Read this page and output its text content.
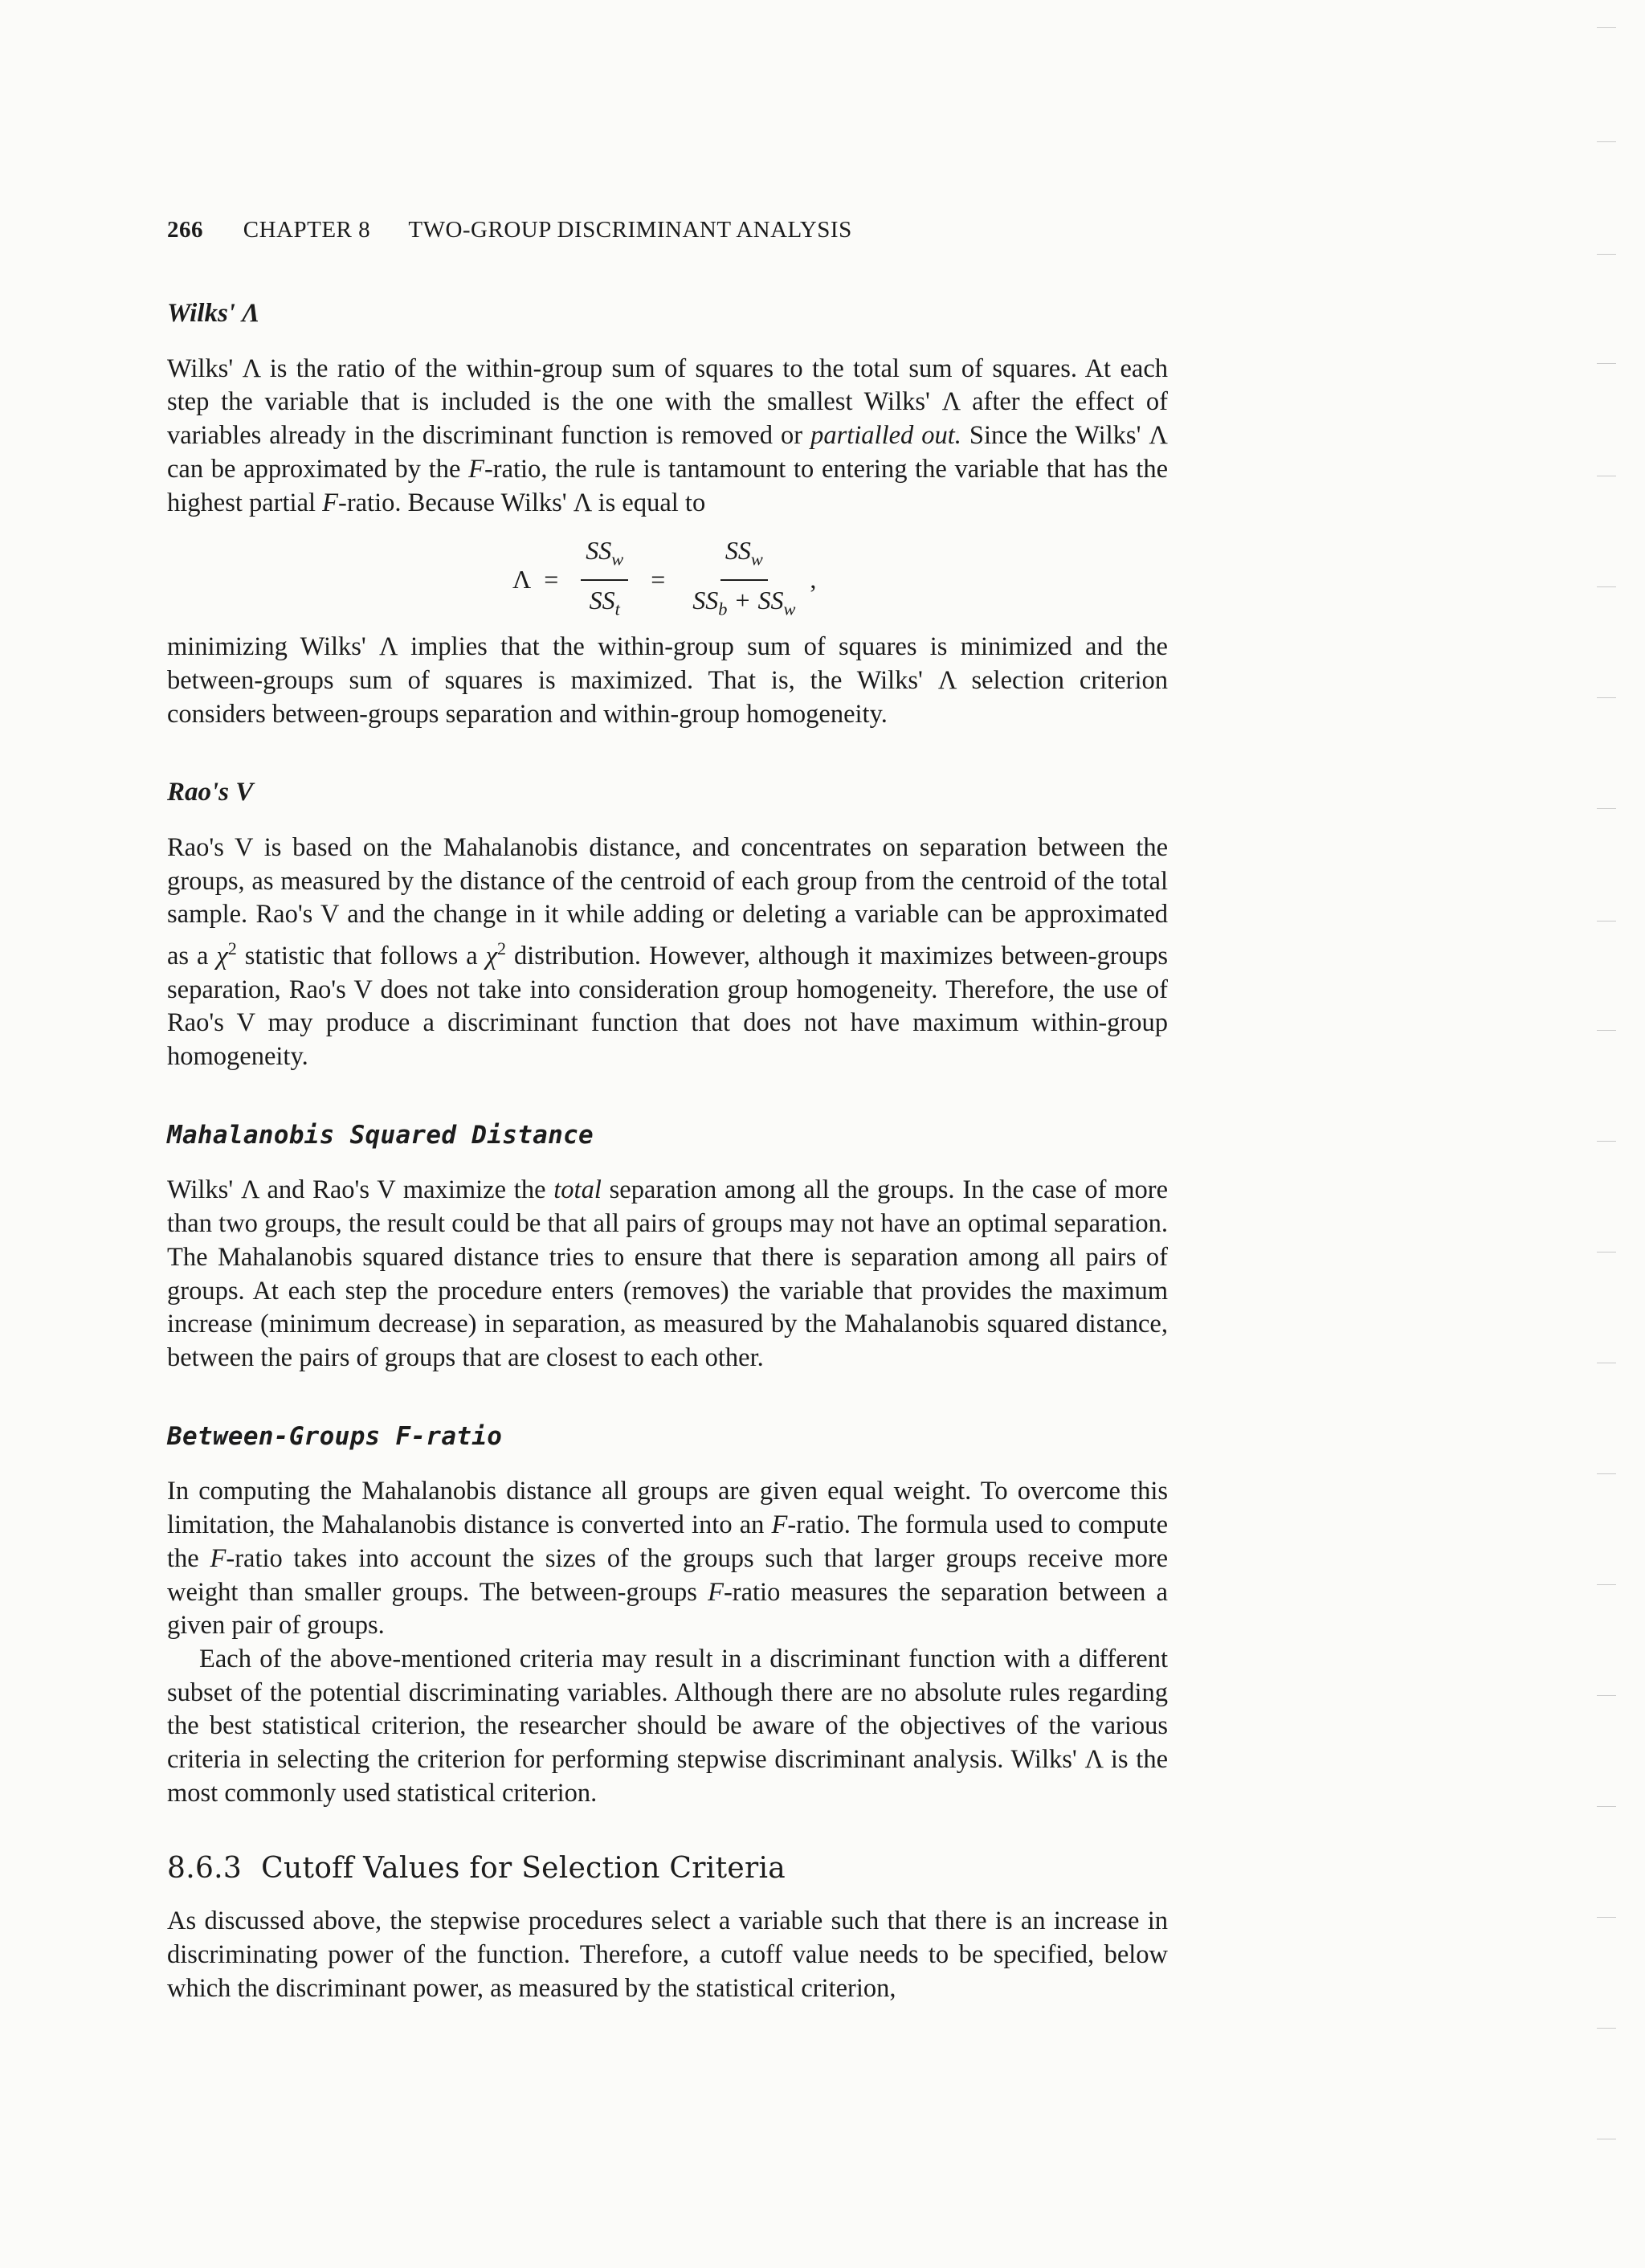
266 CHAPTER 8 TWO-GROUP DISCRIMINANT ANALYSIS
Wilks' Λ

Wilks' Λ is the ratio of the within-group sum of squares to the total sum of squares. At each step the variable that is included is the one with the smallest Wilks' Λ after the effect of variables already in the discriminant function is removed or partialled out. Since the Wilks' Λ can be approximated by the F-ratio, the rule is tantamount to entering the variable that has the highest partial F-ratio. Because Wilks' Λ is equal to

$\Lambda = \frac{SS_w}{SS_t} = \frac{SS_w}{SS_b + SS_w}$ ,

minimizing Wilks' Λ implies that the within-group sum of squares is minimized and the between-groups sum of squares is maximized. That is, the Wilks' Λ selection criterion considers between-groups separation and within-group homogeneity.

Rao's V

Rao's V is based on the Mahalanobis distance, and concentrates on separation between the groups, as measured by the distance of the centroid of each group from the centroid of the total sample. Rao's V and the change in it while adding or deleting a variable can be approximated as a $\chi^2$ statistic that follows a $\chi^2$ distribution. However, although it maximizes between-groups separation, Rao's V does not take into consideration group homogeneity. Therefore, the use of Rao's V may produce a discriminant function that does not have maximum within-group homogeneity.

Mahalanobis Squared Distance

Wilks' Λ and Rao's V maximize the total separation among all the groups. In the case of more than two groups, the result could be that all pairs of groups may not have an optimal separation. The Mahalanobis squared distance tries to ensure that there is separation among all pairs of groups. At each step the procedure enters (removes) the variable that provides the maximum increase (minimum decrease) in separation, as measured by the Mahalanobis squared distance, between the pairs of groups that are closest to each other.

Between-Groups F-ratio

In computing the Mahalanobis distance all groups are given equal weight. To overcome this limitation, the Mahalanobis distance is converted into an F-ratio. The formula used to compute the F-ratio takes into account the sizes of the groups such that larger groups receive more weight than smaller groups. The between-groups F-ratio measures the separation between a given pair of groups.

Each of the above-mentioned criteria may result in a discriminant function with a different subset of the potential discriminating variables. Although there are no absolute rules regarding the best statistical criterion, the researcher should be aware of the objectives of the various criteria in selecting the criterion for performing stepwise discriminant analysis. Wilks' Λ is the most commonly used statistical criterion.

8.6.3 Cutoff Values for Selection Criteria

As discussed above, the stepwise procedures select a variable such that there is an increase in discriminating power of the function. Therefore, a cutoff value needs to be specified, below which the discriminant power, as measured by the statistical criterion,
